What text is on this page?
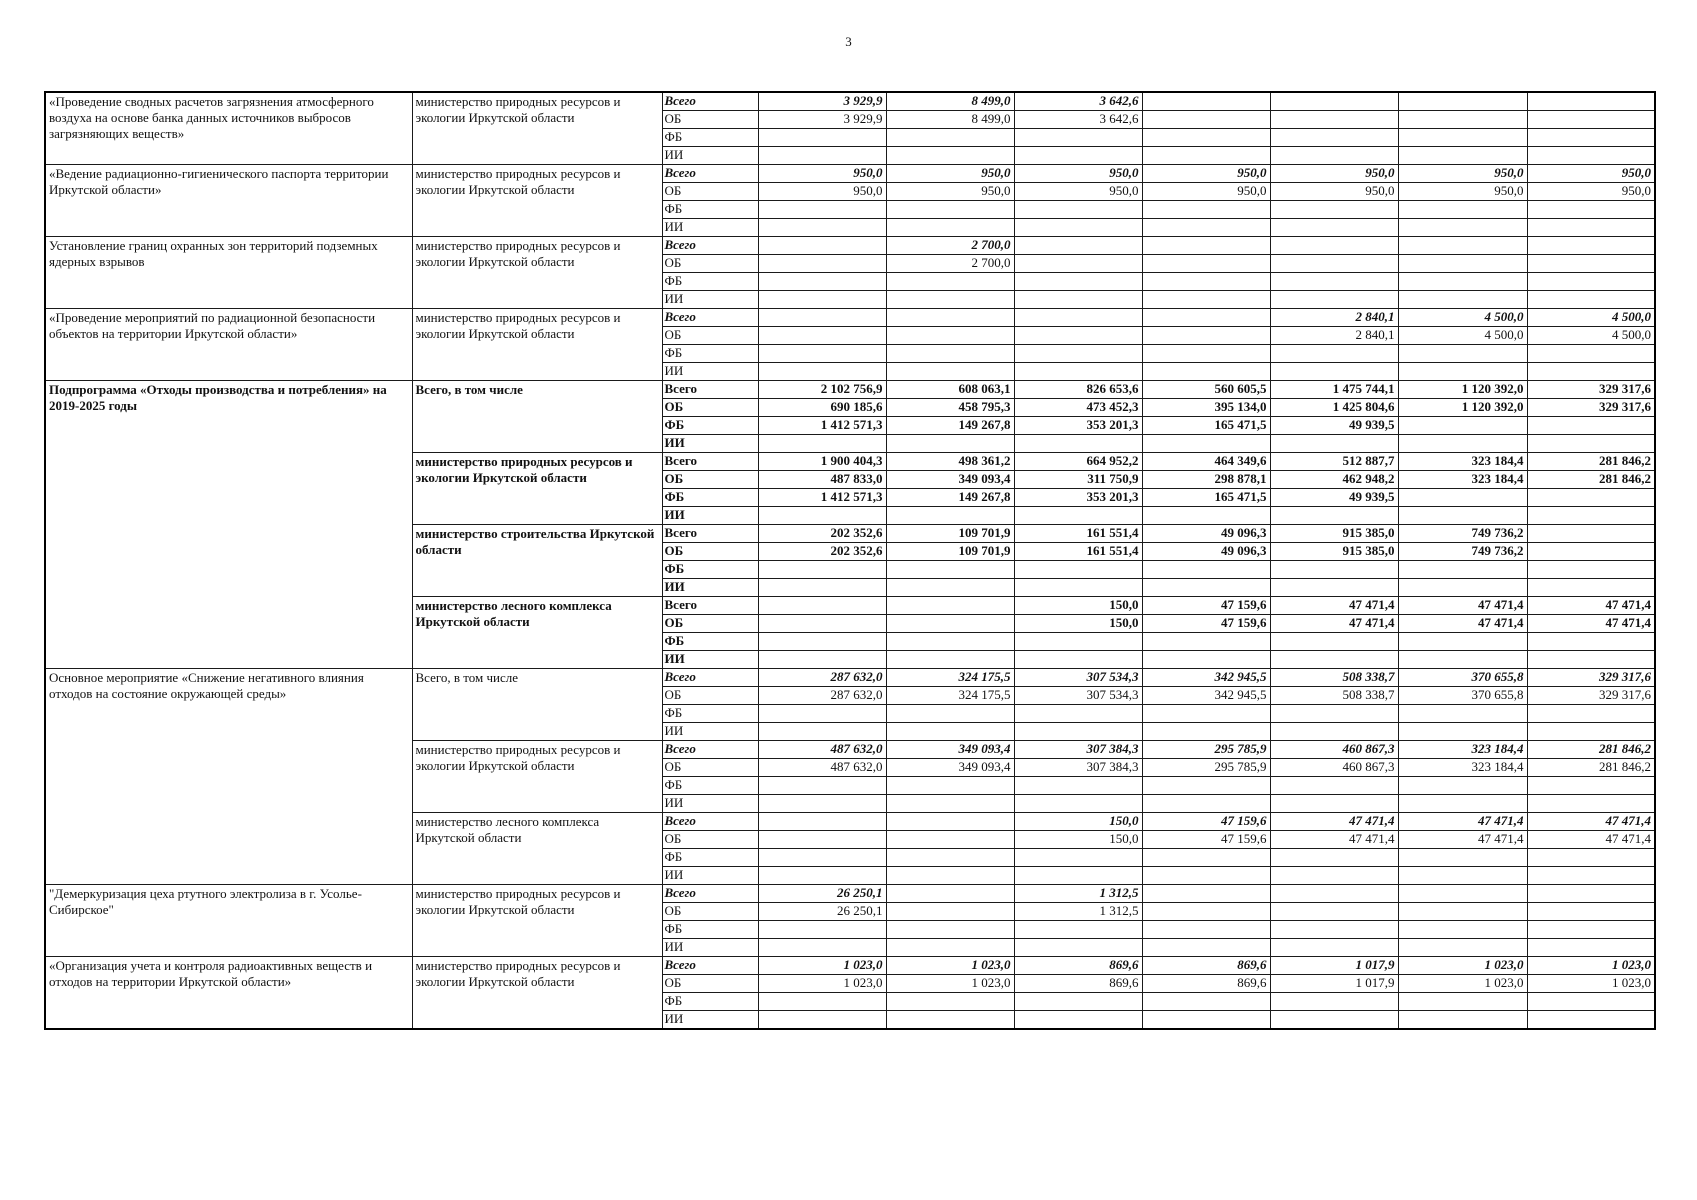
3
«Проведение сводных расчетов загрязнения атмосферного воздуха на основе банка данных источников выбросов загрязняющих веществ»	министерство природных ресурсов и экологии Иркутской области	Всего	3 929,9	8 499,0	3 642,6				
		ОБ	3 929,9	8 499,0	3 642,6				
		ФБ							
		ИИ							
«Ведение радиационно-гигиенического паспорта территории Иркутской области»	министерство природных ресурсов и экологии Иркутской области	Всего	950,0	950,0	950,0	950,0	950,0	950,0	950,0
		ОБ	950,0	950,0	950,0	950,0	950,0	950,0	950,0
		ФБ							
		ИИ							
Установление границ охранных зон территорий подземных ядерных взрывов	министерство природных ресурсов и экологии Иркутской области	Всего		2 700,0					
		ОБ		2 700,0					
		ФБ							
		ИИ							
«Проведение мероприятий по радиационной безопасности объектов на территории Иркутской области»	министерство природных ресурсов и экологии Иркутской области	Всего					2 840,1	4 500,0	4 500,0
		ОБ					2 840,1	4 500,0	4 500,0
		ФБ							
		ИИ							
Подпрограмма «Отходы производства и потребления» на 2019-2025 годы	Всего, в том числе	Всего	2 102 756,9	608 063,1	826 653,6	560 605,5	1 475 744,1	1 120 392,0	329 317,6
		ОБ	690 185,6	458 795,3	473 452,3	395 134,0	1 425 804,6	1 120 392,0	329 317,6
		ФБ	1 412 571,3	149 267,8	353 201,3	165 471,5	49 939,5		
		ИИ							
	министерство природных ресурсов и экологии Иркутской области	Всего	1 900 404,3	498 361,2	664 952,2	464 349,6	512 887,7	323 184,4	281 846,2
		ОБ	487 833,0	349 093,4	311 750,9	298 878,1	462 948,2	323 184,4	281 846,2
		ФБ	1 412 571,3	149 267,8	353 201,3	165 471,5	49 939,5		
		ИИ							
	министерство строительства Иркутской области	Всего	202 352,6	109 701,9	161 551,4	49 096,3	915 385,0	749 736,2	
		ОБ	202 352,6	109 701,9	161 551,4	49 096,3	915 385,0	749 736,2	
		ФБ							
		ИИ							
	министерство лесного комплекса Иркутской области	Всего			150,0	47 159,6	47 471,4	47 471,4	47 471,4
		ОБ			150,0	47 159,6	47 471,4	47 471,4	47 471,4
		ФБ							
		ИИ							
Основное мероприятие «Снижение негативного влияния отходов на состояние окружающей среды»	Всего, в том числе	Всего	287 632,0	324 175,5	307 534,3	342 945,5	508 338,7	370 655,8	329 317,6
		ОБ	287 632,0	324 175,5	307 534,3	342 945,5	508 338,7	370 655,8	329 317,6
		ФБ							
		ИИ							
	министерство природных ресурсов и экологии Иркутской области	Всего	487 632,0	349 093,4	307 384,3	295 785,9	460 867,3	323 184,4	281 846,2
		ОБ	487 632,0	349 093,4	307 384,3	295 785,9	460 867,3	323 184,4	281 846,2
		ФБ							
		ИИ							
	министерство лесного комплекса Иркутской области	Всего			150,0	47 159,6	47 471,4	47 471,4	47 471,4
		ОБ			150,0	47 159,6	47 471,4	47 471,4	47 471,4
		ФБ							
		ИИ							
"Демеркуризация цеха ртутного электролиза в г. Усолье-Сибирское"	министерство природных ресурсов и экологии Иркутской области	Всего	26 250,1		1 312,5				
		ОБ	26 250,1		1 312,5				
		ФБ							
		ИИ							
«Организация учета и контроля радиоактивных веществ и отходов на территории Иркутской области»	министерство природных ресурсов и экологии Иркутской области	Всего	1 023,0	1 023,0	869,6	869,6	1 017,9	1 023,0	1 023,0
		ОБ	1 023,0	1 023,0	869,6	869,6	1 017,9	1 023,0	1 023,0
		ФБ							
		ИИ							
